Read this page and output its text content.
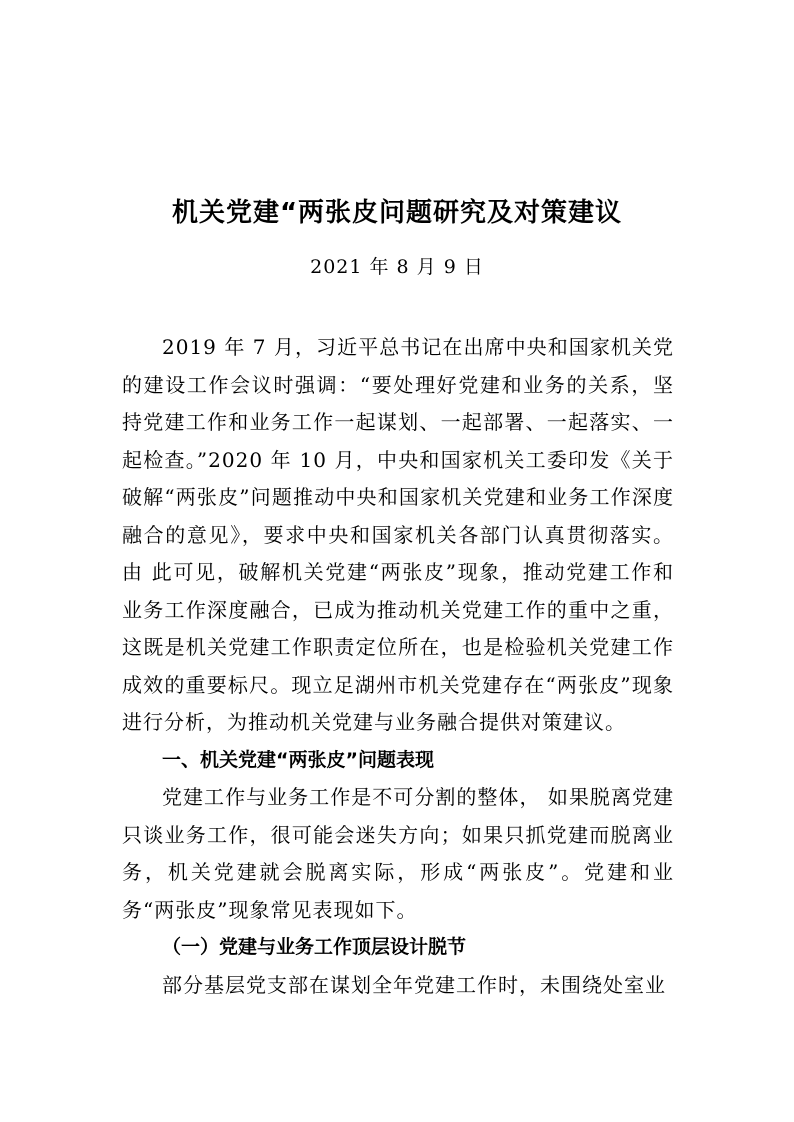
机关党建“两张皮问题研究及对策建议
2021 年 8 月 9 日

2019 年 7 月，习近平总书记在出席中央和国家机关党的建设工作会议时强调：“要处理好党建和业务的关系，坚持党建工作和业务工作一起谋划、一起部署、一起落实、一起检查。”2020 年 10 月，中央和国家机关工委印发《关于破解“两张皮”问题推动中央和国家机关党建和业务工作深度融合的意见》，要求中央和国家机关各部门认真贯彻落实。由 此可见，破解机关党建“两张皮”现象，推动党建工作和业务工作深度融合，已成为推动机关党建工作的重中之重，这既是机关党建工作职责定位所在，也是检验机关党建工作成效的重要标尺。现立足湖州市机关党建存在“两张皮”现象进行分析，为推动机关党建与业务融合提供对策建议。

一、机关党建“两张皮”问题表现

党建工作与业务工作是不可分割的整体， 如果脱离党建只谈业务工作，很可能会迷失方向；如果只抓党建而脱离业务，机关党建就会脱离实际，形成“两张皮”。党建和业 务“两张皮”现象常见表现如下。

（一）党建与业务工作顶层设计脱节

部分基层党支部在谋划全年党建工作时，未围绕处室业
